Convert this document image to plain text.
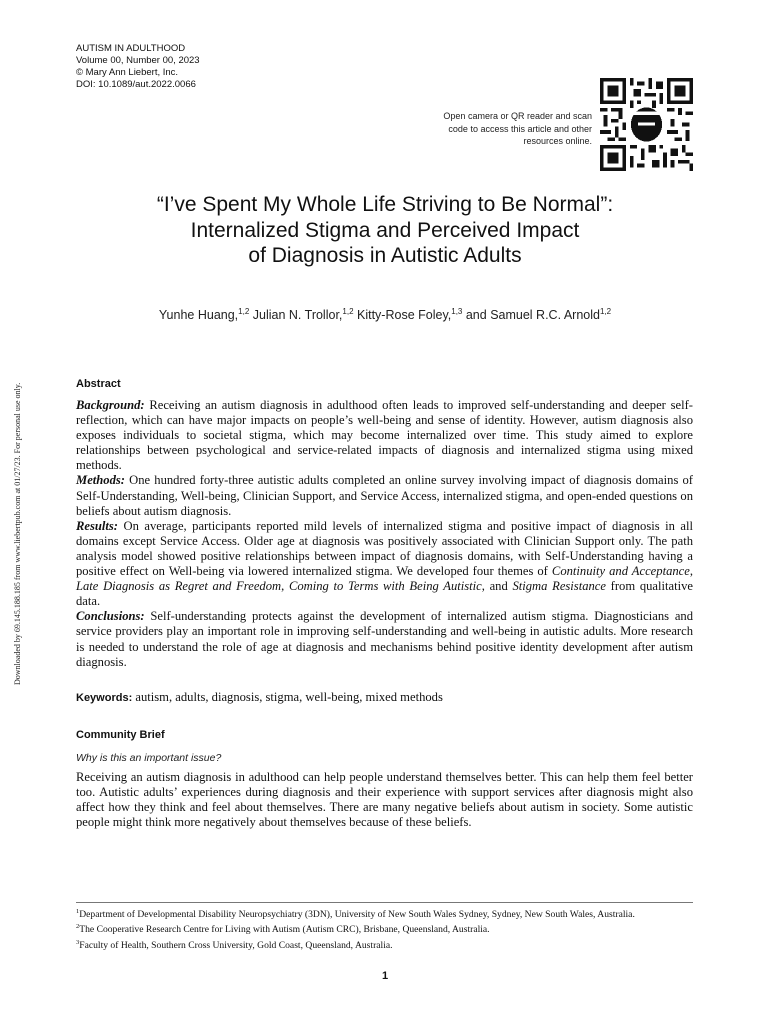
AUTISM IN ADULTHOOD
Volume 00, Number 00, 2023
© Mary Ann Liebert, Inc.
DOI: 10.1089/aut.2022.0066
Open camera or QR reader and scan code to access this article and other resources online.
Downloaded by 69.145.188.185 from www.liebertpub.com at 01/27/23. For personal use only.
“I’ve Spent My Whole Life Striving to Be Normal”:
Internalized Stigma and Perceived Impact
of Diagnosis in Autistic Adults
Yunhe Huang,$^{1,2}$ Julian N. Trollor,$^{1,2}$ Kitty-Rose Foley,$^{1,3}$ and Samuel R.C. Arnold$^{1,2}$
Abstract

Background: Receiving an autism diagnosis in adulthood often leads to improved self-understanding and deeper self-reflection, which can have major impacts on people’s well-being and sense of identity. However, autism diagnosis also exposes individuals to societal stigma, which may become internalized over time. This study aimed to explore relationships between psychological and service-related impacts of diagnosis and internalized stigma using mixed methods.

Methods: One hundred forty-three autistic adults completed an online survey involving impact of diagnosis domains of Self-Understanding, Well-being, Clinician Support, and Service Access, internalized stigma, and open-ended questions on beliefs about autism diagnosis.

Results: On average, participants reported mild levels of internalized stigma and positive impact of diagnosis in all domains except Service Access. Older age at diagnosis was positively associated with Clinician Support only. The path analysis model showed positive relationships between impact of diagnosis domains, with Self-Understanding having a positive effect on Well-being via lowered internalized stigma. We developed four themes of Continuity and Acceptance, Late Diagnosis as Regret and Freedom, Coming to Terms with Being Autistic, and Stigma Resistance from qualitative data.

Conclusions: Self-understanding protects against the development of internalized autism stigma. Diagnosticians and service providers play an important role in improving self-understanding and well-being in autistic adults. More research is needed to understand the role of age at diagnosis and mechanisms behind positive identity development after autism diagnosis.

Keywords: autism, adults, diagnosis, stigma, well-being, mixed methods
Community Brief
Why is this an important issue?
Receiving an autism diagnosis in adulthood can help people understand themselves better. This can help them feel better too. Autistic adults’ experiences during diagnosis and their experience with support services after diagnosis might also affect how they think and feel about themselves. There are many negative beliefs about autism in society. Some autistic people might think more negatively about themselves because of these beliefs.
$^1$Department of Developmental Disability Neuropsychiatry (3DN), University of New South Wales Sydney, Sydney, New South Wales, Australia.
$^2$The Cooperative Research Centre for Living with Autism (Autism CRC), Brisbane, Queensland, Australia.
$^3$Faculty of Health, Southern Cross University, Gold Coast, Queensland, Australia.
1
